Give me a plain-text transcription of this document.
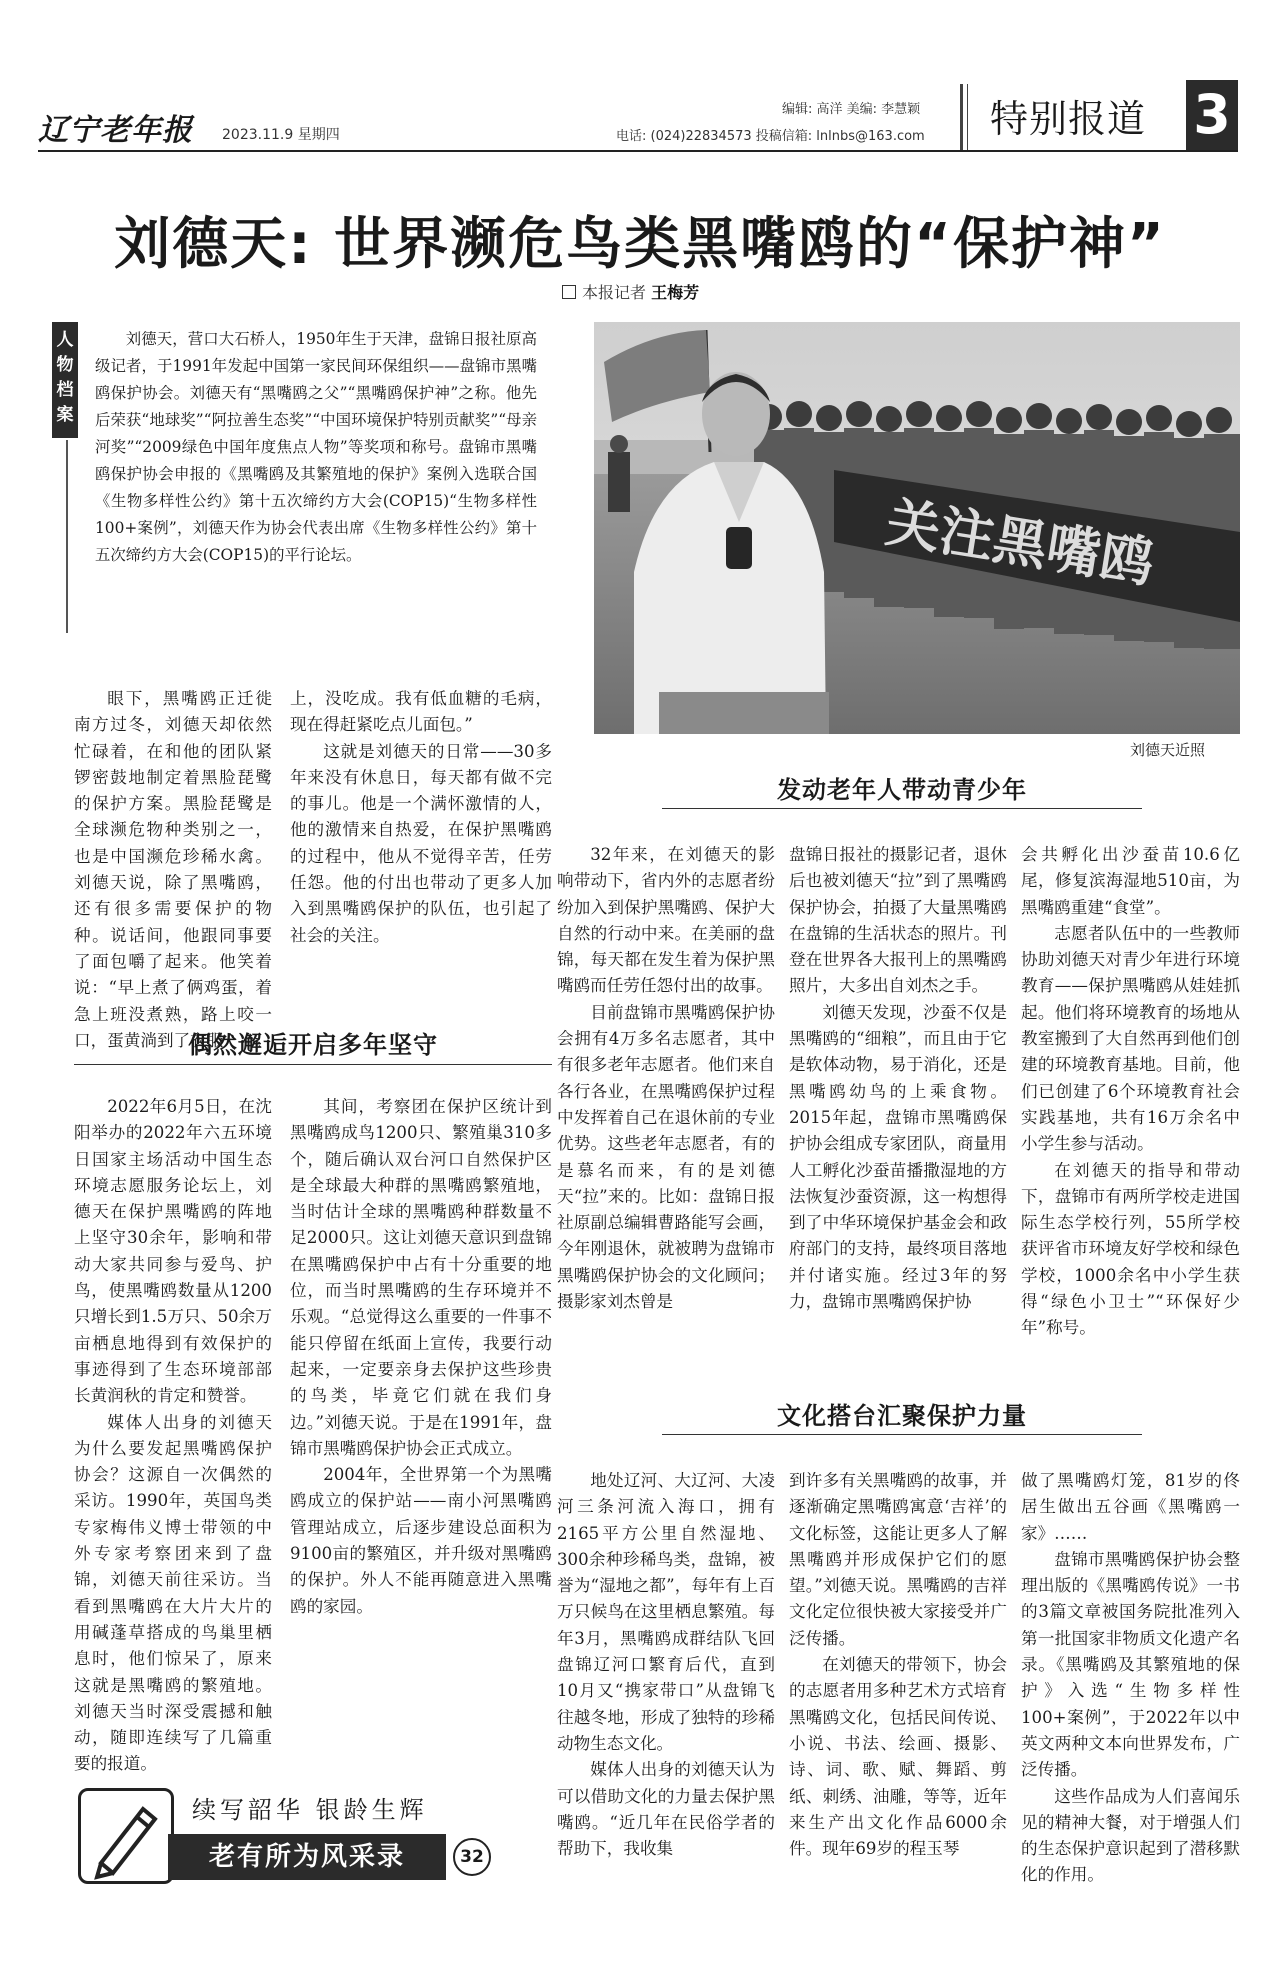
辽宁老年报 2023.11.9 星期四
编辑: 高洋 美编: 李慧颖
电话: (024)22834573 投稿信箱: lnlnbs@163.com 特别报道 3
刘德天: 世界濒危鸟类黑嘴鸥的“保护神”
本报记者 王梅芳
人物档案
刘德天，营口大石桥人，1950年生于天津，盘锦日报社原高级记者，于1991年发起中国第一家民间环保组织——盘锦市黑嘴鸥保护协会。刘德天有“黑嘴鸥之父”“黑嘴鸥保护神”之称。他先后荣获“地球奖”“阿拉善生态奖”“中国环境保护特别贡献奖”“母亲河奖”“2009绿色中国年度焦点人物”等奖项和称号。盘锦市黑嘴鸥保护协会申报的《黑嘴鸥及其繁殖地的保护》案例入选联合国《生物多样性公约》第十五次缔约方大会(COP15)“生物多样性100+案例”，刘德天作为协会代表出席《生物多样性公约》第十五次缔约方大会(COP15)的平行论坛。	关注黑嘴鸥
刘德天近照

眼下，黑嘴鸥正迁徙南方过冬，刘德天却依然忙碌着，在和他的团队紧锣密鼓地制定着黑脸琵鹭的保护方案。黑脸琵鹭是全球濒危物种类别之一，也是中国濒危珍稀水禽。刘德天说，除了黑嘴鸥，还有很多需要保护的物种。说话间，他跟同事要了面包嚼了起来。他笑着说：“早上煮了俩鸡蛋，着急上班没煮熟，路上咬一口，蛋黄淌到了衣服

上，没吃成。我有低血糖的毛病，现在得赶紧吃点儿面包。”

这就是刘德天的日常——30多年来没有休息日，每天都有做不完的事儿。他是一个满怀激情的人，他的激情来自热爱，在保护黑嘴鸥的过程中，他从不觉得辛苦，任劳任怨。他的付出也带动了更多人加入到黑嘴鸥保护的队伍，也引起了社会的关注。

偶然邂逅开启多年坚守

2022年6月5日，在沈阳举办的2022年六五环境日国家主场活动中国生态环境志愿服务论坛上，刘德天在保护黑嘴鸥的阵地上坚守30余年，影响和带动大家共同参与爱鸟、护鸟，使黑嘴鸥数量从1200只增长到1.5万只、50余万亩栖息地得到有效保护的事迹得到了生态环境部部长黄润秋的肯定和赞誉。

媒体人出身的刘德天为什么要发起黑嘴鸥保护协会？这源自一次偶然的采访。1990年，英国鸟类专家梅伟义博士带领的中外专家考察团来到了盘锦，刘德天前往采访。当看到黑嘴鸥在大片大片的用碱蓬草搭成的鸟巢里栖息时，他们惊呆了，原来这就是黑嘴鸥的繁殖地。刘德天当时深受震撼和触动，随即连续写了几篇重要的报道。

其间，考察团在保护区统计到黑嘴鸥成鸟1200只、繁殖巢310多个，随后确认双台河口自然保护区是全球最大种群的黑嘴鸥繁殖地，当时估计全球的黑嘴鸥种群数量不足2000只。这让刘德天意识到盘锦在黑嘴鸥保护中占有十分重要的地位，而当时黑嘴鸥的生存环境并不乐观。“总觉得这么重要的一件事不能只停留在纸面上宣传，我要行动起来，一定要亲身去保护这些珍贵的鸟类，毕竟它们就在我们身边。”刘德天说。于是在1991年，盘锦市黑嘴鸥保护协会正式成立。

2004年，全世界第一个为黑嘴鸥成立的保护站——南小河黑嘴鸥管理站成立，后逐步建设总面积为9100亩的繁殖区，并升级对黑嘴鸥的保护。外人不能再随意进入黑嘴鸥的家园。

发动老年人带动青少年

32年来，在刘德天的影响带动下，省内外的志愿者纷纷加入到保护黑嘴鸥、保护大自然的行动中来。在美丽的盘锦，每天都在发生着为保护黑嘴鸥而任劳任怨付出的故事。

目前盘锦市黑嘴鸥保护协会拥有4万多名志愿者，其中有很多老年志愿者。他们来自各行各业，在黑嘴鸥保护过程中发挥着自己在退休前的专业优势。这些老年志愿者，有的是慕名而来，有的是刘德天“拉”来的。比如：盘锦日报社原副总编辑曹路能写会画，今年刚退休，就被聘为盘锦市黑嘴鸥保护协会的文化顾问；摄影家刘杰曾是

盘锦日报社的摄影记者，退休后也被刘德天“拉”到了黑嘴鸥保护协会，拍摄了大量黑嘴鸥在盘锦的生活状态的照片。刊登在世界各大报刊上的黑嘴鸥照片，大多出自刘杰之手。

刘德天发现，沙蚕不仅是黑嘴鸥的“细粮”，而且由于它是软体动物，易于消化，还是黑嘴鸥幼鸟的上乘食物。2015年起，盘锦市黑嘴鸥保护协会组成专家团队，商量用人工孵化沙蚕苗播撒湿地的方法恢复沙蚕资源，这一构想得到了中华环境保护基金会和政府部门的支持，最终项目落地并付诸实施。经过3年的努力，盘锦市黑嘴鸥保护协

会共孵化出沙蚕苗10.6亿尾，修复滨海湿地510亩，为黑嘴鸥重建“食堂”。

志愿者队伍中的一些教师协助刘德天对青少年进行环境教育——保护黑嘴鸥从娃娃抓起。他们将环境教育的场地从教室搬到了大自然再到他们创建的环境教育基地。目前，他们已创建了6个环境教育社会实践基地，共有16万余名中小学生参与活动。

在刘德天的指导和带动下，盘锦市有两所学校走进国际生态学校行列，55所学校获评省市环境友好学校和绿色学校，1000余名中小学生获得“绿色小卫士”“环保好少年”称号。

文化搭台汇聚保护力量

地处辽河、大辽河、大凌河三条河流入海口，拥有2165平方公里自然湿地、300余种珍稀鸟类，盘锦，被誉为“湿地之都”，每年有上百万只候鸟在这里栖息繁殖。每年3月，黑嘴鸥成群结队飞回盘锦辽河口繁育后代，直到10月又“携家带口”从盘锦飞往越冬地，形成了独特的珍稀动物生态文化。

媒体人出身的刘德天认为可以借助文化的力量去保护黑嘴鸥。“近几年在民俗学者的帮助下，我收集

到许多有关黑嘴鸥的故事，并逐渐确定黑嘴鸥寓意‘吉祥’的文化标签，这能让更多人了解黑嘴鸥并形成保护它们的愿望。”刘德天说。黑嘴鸥的吉祥文化定位很快被大家接受并广泛传播。

在刘德天的带领下，协会的志愿者用多种艺术方式培育黑嘴鸥文化，包括民间传说、小说、书法、绘画、摄影、诗、词、歌、赋、舞蹈、剪纸、刺绣、油雕，等等，近年来生产出文化作品6000余件。现年69岁的程玉琴

做了黑嘴鸥灯笼，81岁的佟居生做出五谷画《黑嘴鸥一家》……

盘锦市黑嘴鸥保护协会整理出版的《黑嘴鸥传说》一书的3篇文章被国务院批准列入第一批国家非物质文化遗产名录。《黑嘴鸥及其繁殖地的保护》入选“生物多样性100+案例”，于2022年以中英文两种文本向世界发布，广泛传播。

这些作品成为人们喜闻乐见的精神大餐，对于增强人们的生态保护意识起到了潜移默化的作用。

续写韶华 银龄生辉
老有所为风采录	32
